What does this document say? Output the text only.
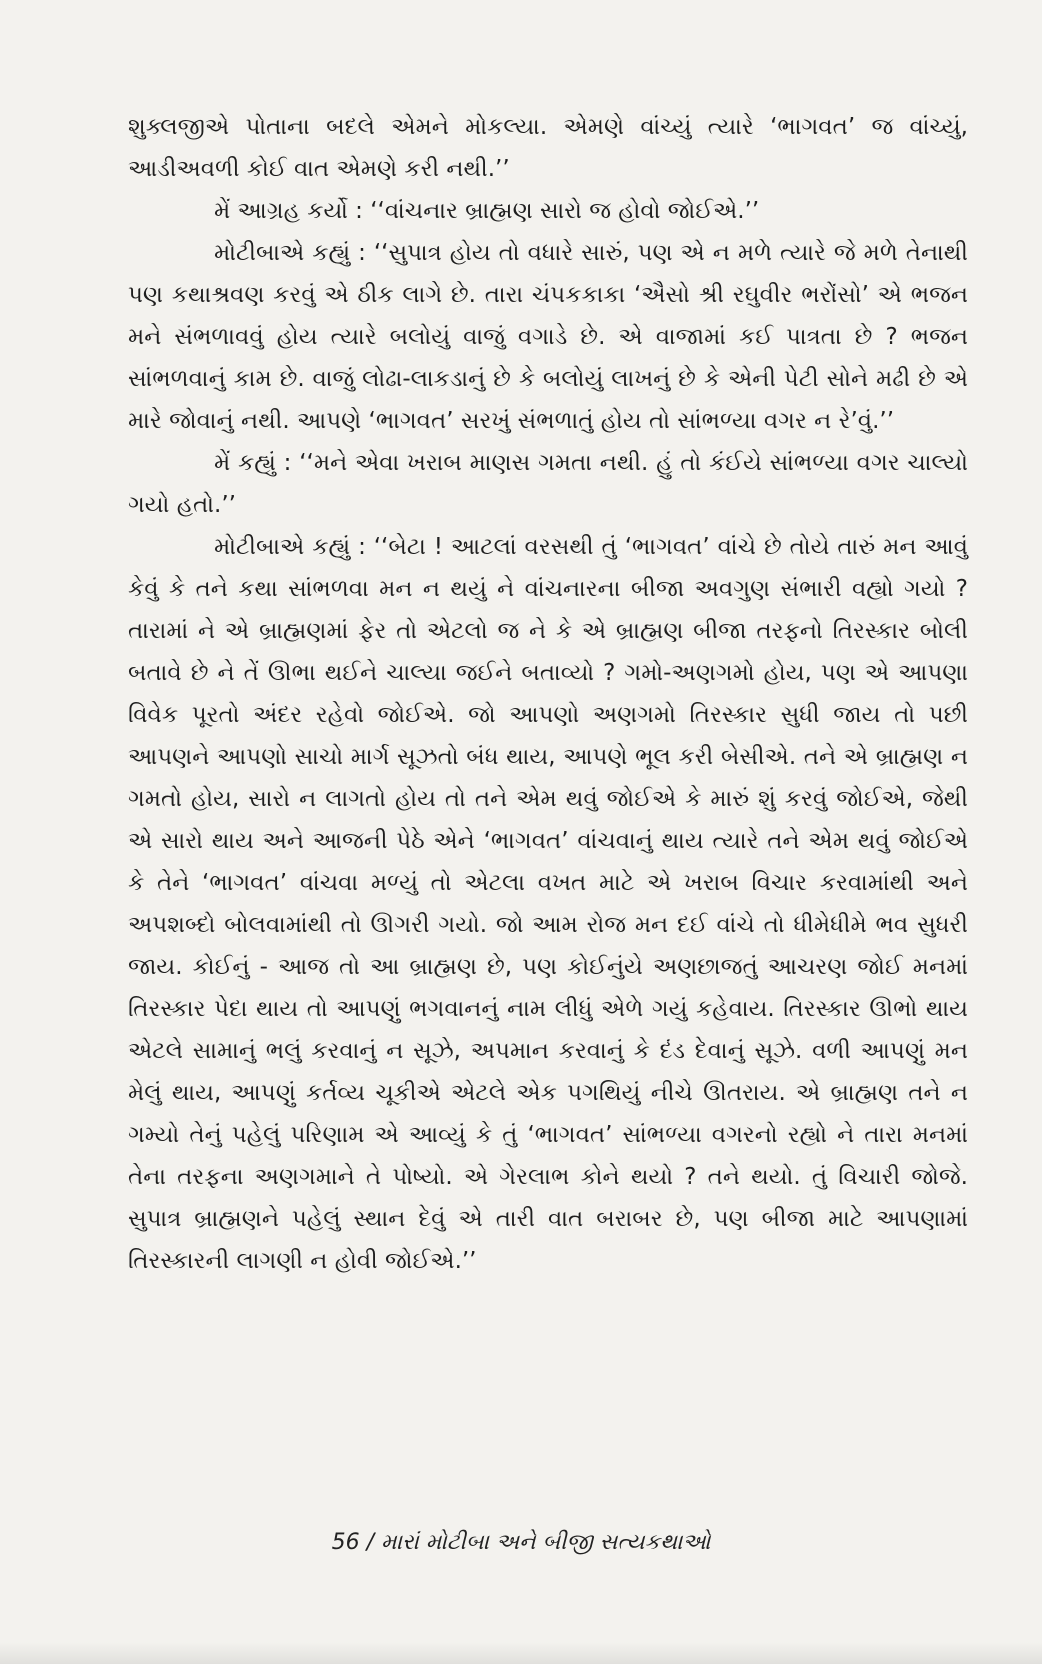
શુક્લજીએ પોતાના બદલે એમને મોકલ્યા. એમણે વાંચ્યું ત્યારે ‘ભાગવત’ જ વાંચ્યું, આડીઅવળી કોઈ વાત એમણે કરી નથી.’’

મેં આગ્રહ કર્યો : ‘‘વાંચનાર બ્રાહ્મણ સારો જ હોવો જોઈએ.’’

મોટીબાએ કહ્યું : ‘‘સુપાત્ર હોય તો વધારે સારું, પણ એ ન મળે ત્યારે જે મળે તેનાથી પણ કથાશ્રવણ કરવું એ ઠીક લાગે છે. તારા ચંપકકાકા ‘ઐસો શ્રી રઘુવીર ભરોંસો’ એ ભજન મને સંભળાવવું હોય ત્યારે બલોયું વાજું વગાડે છે. એ વાજામાં કઈ પાત્રતા છે ? ભજન સાંભળવાનું કામ છે. વાજું લોઢા-લાકડાનું છે કે બલોયું લાખનું છે કે એની પેટી સોને મઢી છે એ મારે જોવાનું નથી. આપણે ‘ભાગવત’ સરખું સંભળાતું હોય તો સાંભળ્યા વગર ન રે’વું.’’

મેં કહ્યું : ‘‘મને એવા ખરાબ માણસ ગમતા નથી. હું તો કંઈયે સાંભળ્યા વગર ચાલ્યો ગયો હતો.’’

મોટીબાએ કહ્યું : ‘‘બેટા ! આટલાં વરસથી તું ‘ભાગવત’ વાંચે છે તોયે તારું મન આવું કેવું કે તને કથા સાંભળવા મન ન થયું ને વાંચનારના બીજા અવગુણ સંભારી વહ્યો ગયો ? તારામાં ને એ બ્રાહ્મણમાં ફેર તો એટલો જ ને કે એ બ્રાહ્મણ બીજા તરફનો તિરસ્કાર બોલી બતાવે છે ને તેં ઊભા થઈને ચાલ્યા જઈને બતાવ્યો ? ગમો-અણગમો હોય, પણ એ આપણા વિવેક પૂરતો અંદર રહેવો જોઈએ. જો આપણો અણગમો તિરસ્કાર સુધી જાય તો પછી આપણને આપણો સાચો માર્ગ સૂઝતો બંધ થાય, આપણે ભૂલ કરી બેસીએ. તને એ બ્રાહ્મણ ન ગમતો હોય, સારો ન લાગતો હોય તો તને એમ થવું જોઈએ કે મારું શું કરવું જોઈએ, જેથી એ સારો થાય અને આજની પેઠે એને ‘ભાગવત’ વાંચવાનું થાય ત્યારે તને એમ થવું જોઈએ કે તેને ‘ભાગવત’ વાંચવા મળ્યું તો એટલા વખત માટે એ ખરાબ વિચાર કરવામાંથી અને અપશબ્દો બોલવામાંથી તો ઊગરી ગયો. જો આમ રોજ મન દઈ વાંચે તો ધીમેધીમે ભવ સુધરી જાય. કોઈનું - આજ તો આ બ્રાહ્મણ છે, પણ કોઈનુંયે અણછાજતું આચરણ જોઈ મનમાં તિરસ્કાર પેદા થાય તો આપણું ભગવાનનું નામ લીધું એળે ગયું કહેવાય. તિરસ્કાર ઊભો થાય એટલે સામાનું ભલું કરવાનું ન સૂઝે, અપમાન કરવાનું કે દંડ દેવાનું સૂઝે. વળી આપણું મન મેલું થાય, આપણું કર્તવ્ય ચૂકીએ એટલે એક પગથિયું નીચે ઊતરાય. એ બ્રાહ્મણ તને ન ગમ્યો તેનું પહેલું પરિણામ એ આવ્યું કે તું ‘ભાગવત’ સાંભળ્યા વગરનો રહ્યો ને તારા મનમાં તેના તરફના અણગમાને તે પોષ્યો. એ ગેરલાભ કોને થયો ? તને થયો. તું વિચારી જોજે. સુપાત્ર બ્રાહ્મણને પહેલું સ્થાન દેવું એ તારી વાત બરાબર છે, પણ બીજા માટે આપણામાં તિરસ્કારની લાગણી ન હોવી જોઈએ.’’

56 / મારાં મોટીબા અને બીજી સત્યકથાઓ
